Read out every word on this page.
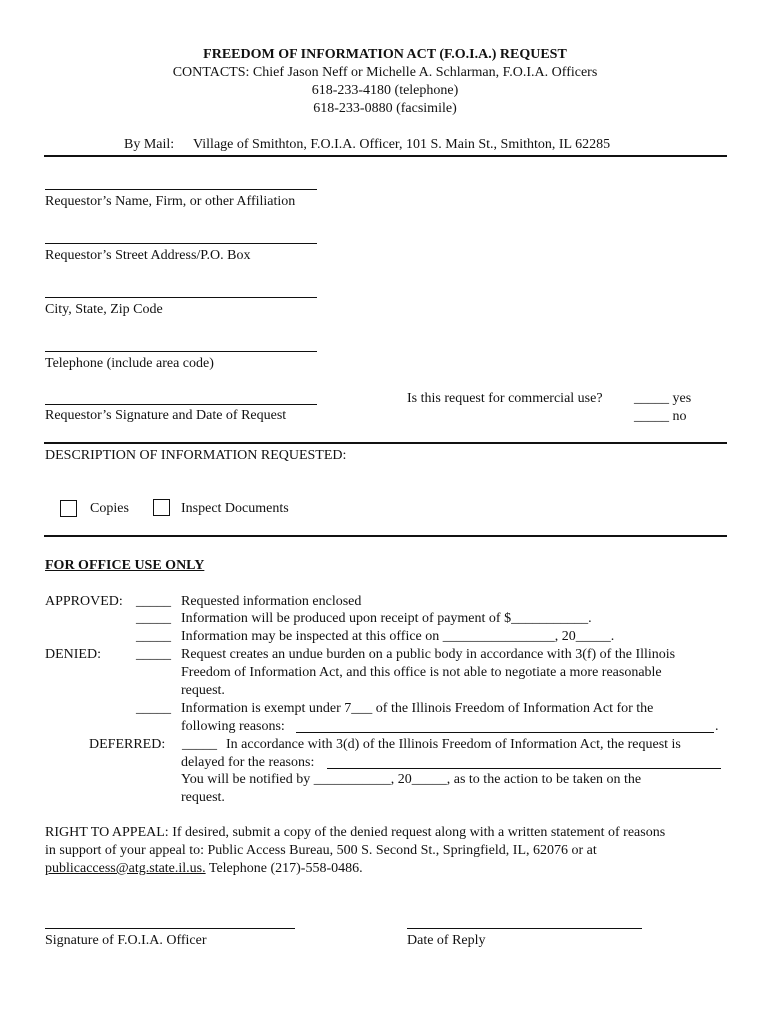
FREEDOM OF INFORMATION ACT (F.O.I.A.) REQUEST
CONTACTS: Chief Jason Neff or Michelle A. Schlarman, F.O.I.A. Officers
618-233-4180 (telephone)
618-233-0880 (facsimile)
By Mail: Village of Smithton, F.O.I.A. Officer, 101 S. Main St., Smithton, IL 62285
Requestor’s Name, Firm, or other Affiliation
Requestor’s Street Address/P.O. Box
City, State, Zip Code
Telephone (include area code)
Requestor’s Signature and Date of Request
Is this request for commercial use? _____ yes
_____ no
DESCRIPTION OF INFORMATION REQUESTED:
Copies	Inspect Documents
FOR OFFICE USE ONLY
APPROVED: _____ Requested information enclosed
_____ Information will be produced upon receipt of payment of $___________.
_____ Information may be inspected at this office on ________________, 20_____.
DENIED:	_____ Request creates an undue burden on a public body in accordance with 3(f) of the Illinois
Freedom of Information Act, and this office is not able to negotiate a more reasonable
request.
_____ Information is exempt under 7___ of the Illinois Freedom of Information Act for the
following reasons:	.
DEFERRED: _____ In accordance with 3(d) of the Illinois Freedom of Information Act, the request is
delayed for the reasons:
You will be notified by ___________, 20_____, as to the action to be taken on the
request.
RIGHT TO APPEAL: If desired, submit a copy of the denied request along with a written statement of reasons
in support of your appeal to: Public Access Bureau, 500 S. Second St., Springfield, IL, 62076 or at
publicaccess@atg.state.il.us. Telephone (217)-558-0486.
Signature of F.O.I.A. Officer	Date of Reply
